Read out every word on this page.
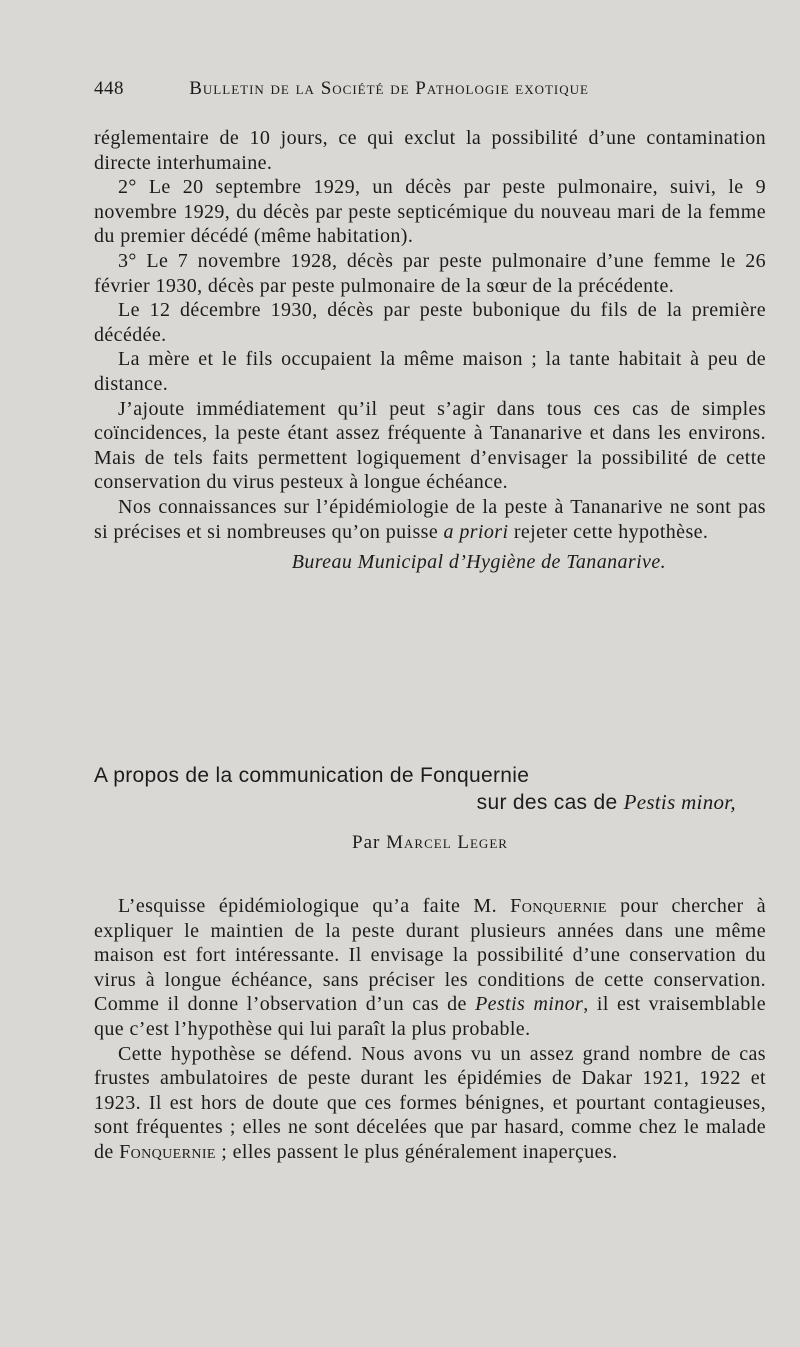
448	Bulletin de la Société de Pathologie exotique

réglementaire de 10 jours, ce qui exclut la possibilité d’une contamination directe interhumaine.

2° Le 20 septembre 1929, un décès par peste pulmonaire, suivi, le 9 novembre 1929, du décès par peste septicémique du nouveau mari de la femme du premier décédé (même habitation).

3° Le 7 novembre 1928, décès par peste pulmonaire d’une femme le 26 février 1930, décès par peste pulmonaire de la sœur de la précédente.

Le 12 décembre 1930, décès par peste bubonique du fils de la première décédée.

La mère et le fils occupaient la même maison ; la tante habitait à peu de distance.

J’ajoute immédiatement qu’il peut s’agir dans tous ces cas de simples coïncidences, la peste étant assez fréquente à Tananarive et dans les environs. Mais de tels faits permettent logiquement d’envisager la possibilité de cette conservation du virus pesteux à longue échéance.

Nos connaissances sur l’épidémiologie de la peste à Tananarive ne sont pas si précises et si nombreuses qu’on puisse a priori rejeter cette hypothèse.

Bureau Municipal d’Hygiène de Tananarive.

A propos de la communication de Fonquernie
sur des cas de Pestis minor,
Par Marcel Leger

L’esquisse épidémiologique qu’a faite M. Fonquernie pour chercher à expliquer le maintien de la peste durant plusieurs années dans une même maison est fort intéressante. Il envisage la possibilité d’une conservation du virus à longue échéance, sans préciser les conditions de cette conservation. Comme il donne l’observation d’un cas de Pestis minor, il est vraisemblable que c’est l’hypothèse qui lui paraît la plus probable.

Cette hypothèse se défend. Nous avons vu un assez grand nombre de cas frustes ambulatoires de peste durant les épidémies de Dakar 1921, 1922 et 1923. Il est hors de doute que ces formes bénignes, et pourtant contagieuses, sont fréquentes ; elles ne sont décelées que par hasard, comme chez le malade de Fonquernie ; elles passent le plus généralement inaperçues.
